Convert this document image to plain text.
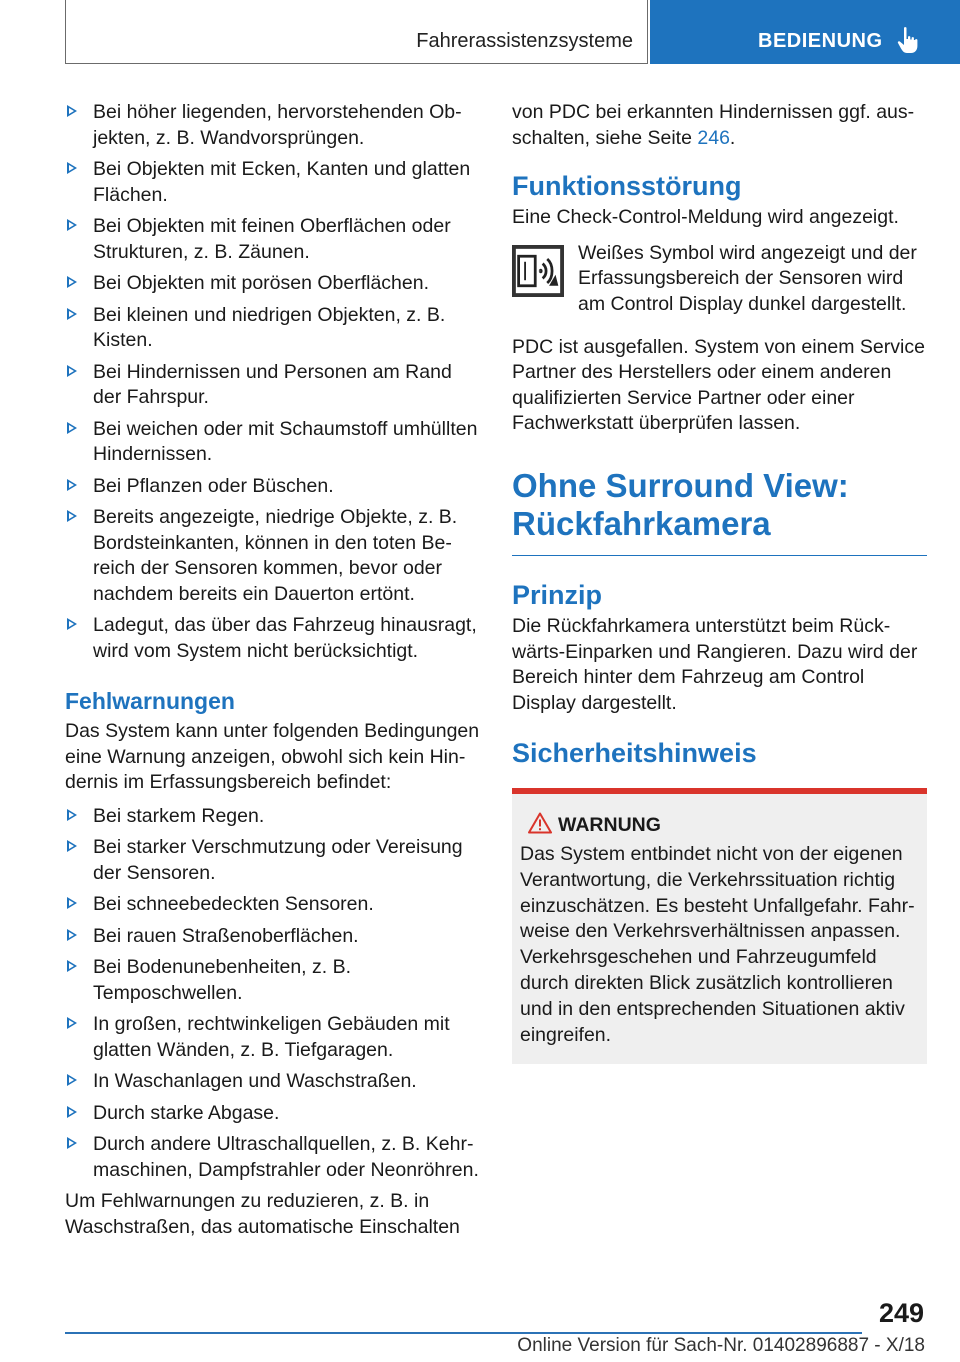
Fahrerassistenzsysteme	BEDIENUNG
Bei höher liegenden, hervorstehenden Objekten, z. B. Wandvorsprüngen.
Bei Objekten mit Ecken, Kanten und glatten Flächen.
Bei Objekten mit feinen Oberflächen oder Strukturen, z. B. Zäunen.
Bei Objekten mit porösen Oberflächen.
Bei kleinen und niedrigen Objekten, z. B. Kisten.
Bei Hindernissen und Personen am Rand der Fahrspur.
Bei weichen oder mit Schaumstoff umhüllten Hindernissen.
Bei Pflanzen oder Büschen.
Bereits angezeigte, niedrige Objekte, z. B. Bordsteinkanten, können in den toten Bereich der Sensoren kommen, bevor oder nachdem bereits ein Dauerton ertönt.
Ladegut, das über das Fahrzeug hinausragt, wird vom System nicht berücksichtigt.
Fehlwarnungen

Das System kann unter folgenden Bedingungen eine Warnung anzeigen, obwohl sich kein Hindernis im Erfassungsbereich befindet:

Bei starkem Regen.
Bei starker Verschmutzung oder Vereisung der Sensoren.
Bei schneebedeckten Sensoren.
Bei rauen Straßenoberflächen.
Bei Bodenunebenheiten, z. B. Temposchwellen.
In großen, rechtwinkeligen Gebäuden mit glatten Wänden, z. B. Tiefgaragen.
In Waschanlagen und Waschstraßen.
Durch starke Abgase.
Durch andere Ultraschallquellen, z. B. Kehrmaschinen, Dampfstrahler oder Neonröhren.

Um Fehlwarnungen zu reduzieren, z. B. in Waschstraßen, das automatische Einschalten

von PDC bei erkannten Hindernissen ggf. ausschalten, siehe Seite 246.

Funktionsstörung

Eine Check-Control-Meldung wird angezeigt.

Weißes Symbol wird angezeigt und der Erfassungsbereich der Sensoren wird am Control Display dunkel dargestellt.

PDC ist ausgefallen. System von einem Service Partner des Herstellers oder einem anderen qualifizierten Service Partner oder einer Fachwerkstatt überprüfen lassen.

Ohne Surround View:
Rückfahrkamera
Prinzip

Die Rückfahrkamera unterstützt beim Rückwärts-Einparken und Rangieren. Dazu wird der Bereich hinter dem Fahrzeug am Control Display dargestellt.

Sicherheitshinweis
WARNUNG

Das System entbindet nicht von der eigenen Verantwortung, die Verkehrssituation richtig einzuschätzen. Es besteht Unfallgefahr. Fahrweise den Verkehrsverhältnissen anpassen. Verkehrsgeschehen und Fahrzeugumfeld durch direkten Blick zusätzlich kontrollieren und in den entsprechenden Situationen aktiv eingreifen.

249
Online Version für Sach-Nr. 01402896887 - X/18
